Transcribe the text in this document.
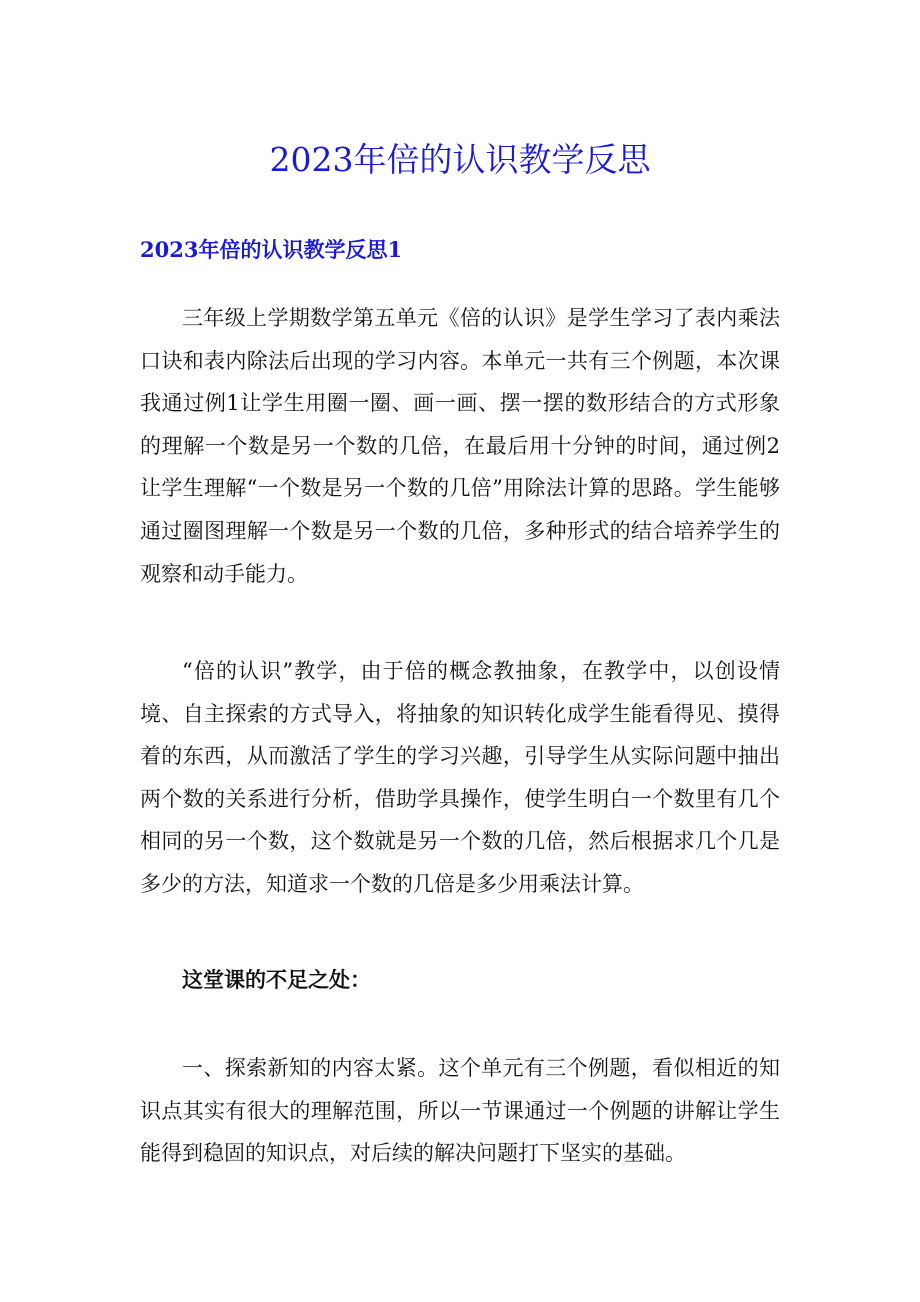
2023年倍的认识教学反思
2023年倍的认识教学反思1

三年级上学期数学第五单元《倍的认识》是学生学习了表内乘法口诀和表内除法后出现的学习内容。本单元一共有三个例题，本次课我通过例1让学生用圈一圈、画一画、摆一摆的数形结合的方式形象的理解一个数是另一个数的几倍，在最后用十分钟的时间，通过例2让学生理解“一个数是另一个数的几倍”用除法计算的思路。学生能够通过圈图理解一个数是另一个数的几倍，多种形式的结合培养学生的观察和动手能力。

“倍的认识”教学，由于倍的概念教抽象，在教学中，以创设情境、自主探索的方式导入，将抽象的知识转化成学生能看得见、摸得着的东西，从而激活了学生的学习兴趣，引导学生从实际问题中抽出两个数的关系进行分析，借助学具操作，使学生明白一个数里有几个相同的另一个数，这个数就是另一个数的几倍，然后根据求几个几是多少的方法，知道求一个数的几倍是多少用乘法计算。

这堂课的不足之处：

一、探索新知的内容太紧。这个单元有三个例题，看似相近的知识点其实有很大的理解范围，所以一节课通过一个例题的讲解让学生能得到稳固的知识点，对后续的解决问题打下坚实的基础。
